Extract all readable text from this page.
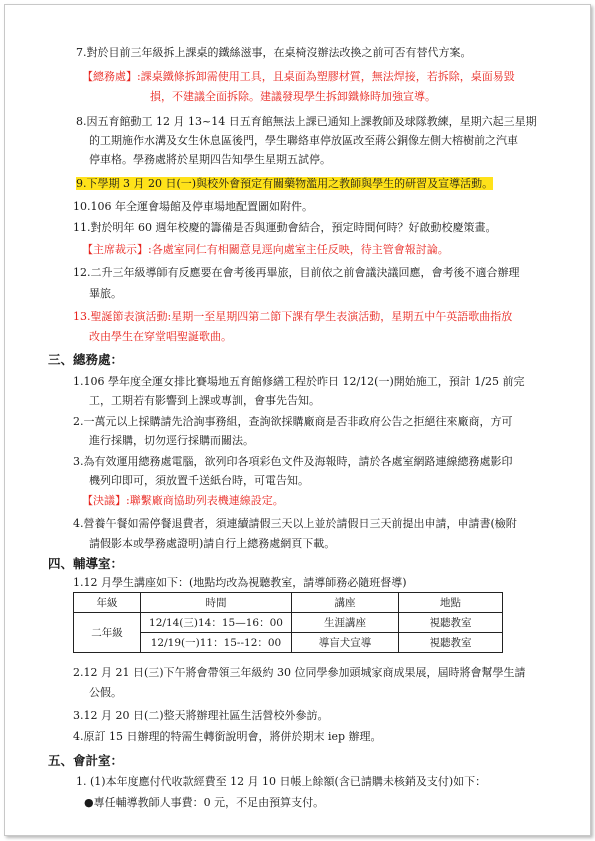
7.對於目前三年級拆上課桌的鐵絲滋事，在桌椅沒辦法改換之前可否有替代方案。
【總務處】:課桌鐵條拆卸需使用工具，且桌面為塑膠材質，無法焊接，若拆除，桌面易毀
損，不建議全面拆除。建議發現學生拆卸鐵條時加強宣導。
8.因五育館動工 12 月 13~14 日五育館無法上課已通知上課教師及球隊教練，星期六起三星期
的工期施作水溝及女生休息區後門，學生聯絡車停放區改至蔣公銅像左側大榕樹前之汽車
停車格。學務處將於星期四告知學生星期五試停。
9.下學期 3 月 20 日(一)與校外會預定有關藥物濫用之教師與學生的研習及宣導活動。
10.106 年全運會場館及停車場地配置圖如附件。
11.對於明年 60 週年校慶的籌備是否與運動會結合，預定時間何時？好啟動校慶策畫。
【主席裁示】:各處室同仁有相關意見逕向處室主任反映，待主管會報討論。
12.二升三年級導師有反應要在會考後再畢旅，目前依之前會議決議回應，會考後不適合辦理
畢旅。
13.聖誕節表演活動:星期一至星期四第二節下課有學生表演活動，星期五中午英語歌曲指放
改由學生在穿堂唱聖誕歌曲。
三、總務處：
1.106 學年度全運女排比賽場地五育館修繕工程於昨日 12/12(一)開始施工，預計 1/25 前完
工，工期若有影響到上課或專訓，會事先告知。
2.一萬元以上採購請先洽詢事務組，查詢欲採購廠商是否非政府公告之拒絕往來廠商，方可
進行採購，切勿逕行採購而關法。
3.為有效運用總務處電腦，欲列印各項彩色文件及海報時，請於各處室網路連線總務處影印
機列印即可，須放置千送紙台時，可電告知。
【決議】:聯繫廠商協助列表機連線設定。
4.營養午餐如需停餐退費者，須連續請假三天以上並於請假日三天前提出申請，申請書(檢附
請假影本或學務處證明)請自行上總務處網頁下載。
四、輔導室：
1.12 月學生講座如下：(地點均改為視聽教室，請導師務必隨班督導)
年級	時間	講座	地點
二年級	12/14(三)14：15—16：00	生涯講座	視聽教室
	12/19(一)11：15--12：00	導盲犬宣導	視聽教室
2.12 月 21 日(三)下午將會帶領三年級約 30 位同學參加頭城家商成果展，屆時將會幫學生請
公假。
3.12 月 20 日(二)整天將辦理社區生活營校外參訪。
4.原訂 15 日辦理的特需生轉銜說明會，將併於期末 iep 辦理。
五、會計室：
1. (1)本年度應付代收款經費至 12 月 10 日帳上餘額(含已請購未核銷及支付)如下：
●專任輔導教師人事費：0 元，不足由預算支付。
